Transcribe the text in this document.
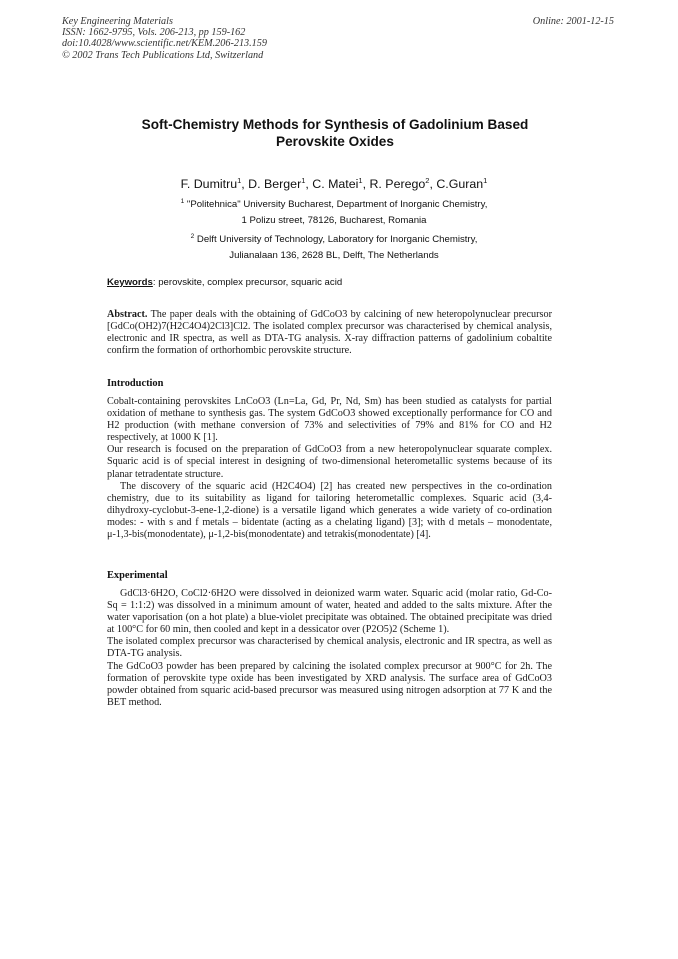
Key Engineering Materials
ISSN: 1662-9795, Vols. 206-213, pp 159-162
doi:10.4028/www.scientific.net/KEM.206-213.159
© 2002 Trans Tech Publications Ltd, Switzerland
Online: 2001-12-15
Soft-Chemistry Methods for Synthesis of Gadolinium Based
Perovskite Oxides
F. Dumitru$^1$, D. Berger$^1$, C. Matei$^1$, R. Perego$^2$, C.Guran$^1$
$^1$ "Politehnica" University Bucharest, Department of Inorganic Chemistry,
1 Polizu street, 78126, Bucharest, Romania
$^2$ Delft University of Technology, Laboratory for Inorganic Chemistry,
Julianalaan 136, 2628 BL, Delft, The Netherlands
Keywords: perovskite, complex precursor, squaric acid

Abstract. The paper deals with the obtaining of GdCoO3 by calcining of new heteropolynuclear precursor [GdCo(OH2)7(H2C4O4)2Cl3]Cl2. The isolated complex precursor was characterised by chemical analysis, electronic and IR spectra, as well as DTA-TG analysis. X-ray diffraction patterns of gadolinium cobaltite confirm the formation of orthorhombic perovskite structure.

Introduction

Cobalt-containing perovskites LnCoO3 (Ln=La, Gd, Pr, Nd, Sm) has been studied as catalysts for partial oxidation of methane to synthesis gas. The system GdCoO3 showed exceptionally performance for CO and H2 production (with methane conversion of 73% and selectivities of 79% and 81% for CO and H2 respectively, at 1000 K [1].

Our research is focused on the preparation of GdCoO3 from a new heteropolynuclear squarate complex. Squaric acid is of special interest in designing of two-dimensional heterometallic systems because of its planar tetradentate structure.

The discovery of the squaric acid (H2C4O4) [2] has created new perspectives in the co-ordination chemistry, due to its suitability as ligand for tailoring heterometallic complexes. Squaric acid (3,4-dihydroxy-cyclobut-3-ene-1,2-dione) is a versatile ligand which generates a wide variety of co-ordination modes: - with s and f metals – bidentate (acting as a chelating ligand) [3]; with d metals – monodentate, μ-1,3-bis(monodentate), μ-1,2-bis(monodentate) and tetrakis(monodentate) [4].

Experimental

GdCl3·6H2O, CoCl2·6H2O were dissolved in deionized warm water. Squaric acid (molar ratio, Gd-Co-Sq = 1:1:2) was dissolved in a minimum amount of water, heated and added to the salts mixture. After the water vaporisation (on a hot plate) a blue-violet precipitate was obtained. The obtained precipitate was dried at 100°C for 60 min, then cooled and kept in a dessicator over (P2O5)2 (Scheme 1).

The isolated complex precursor was characterised by chemical analysis, electronic and IR spectra, as well as DTA-TG analysis.

The GdCoO3 powder has been prepared by calcining the isolated complex precursor at 900°C for 2h. The formation of perovskite type oxide has been investigated by XRD analysis. The surface area of GdCoO3 powder obtained from squaric acid-based precursor was measured using nitrogen adsorption at 77 K and the BET method.
